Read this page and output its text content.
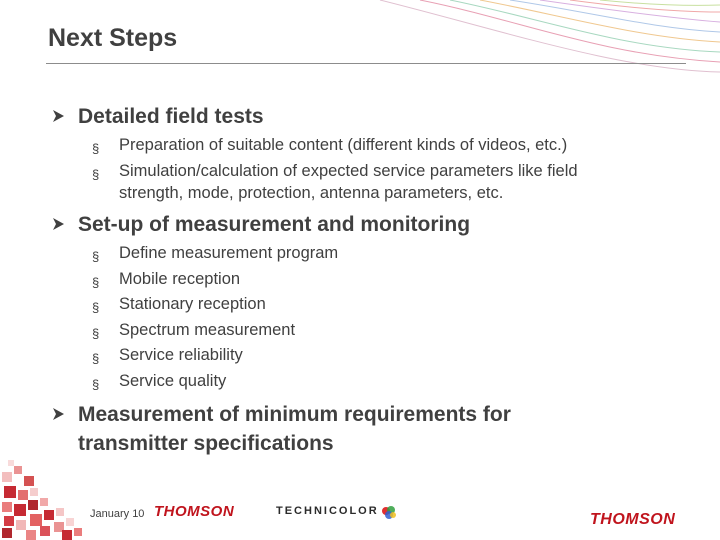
Next Steps
Detailed field tests
§ Preparation of suitable content (different kinds of videos, etc.)
§ Simulation/calculation of expected service parameters like field
strength, mode, protection, antenna parameters, etc.
Set-up of measurement and monitoring
§ Define measurement program
§ Mobile reception
§ Stationary reception
§ Spectrum measurement
§ Service reliability
§ Service quality
Measurement of minimum requirements for
transmitter specifications
January 10 THOMSON	TECHNICOLOR	THOMSON
